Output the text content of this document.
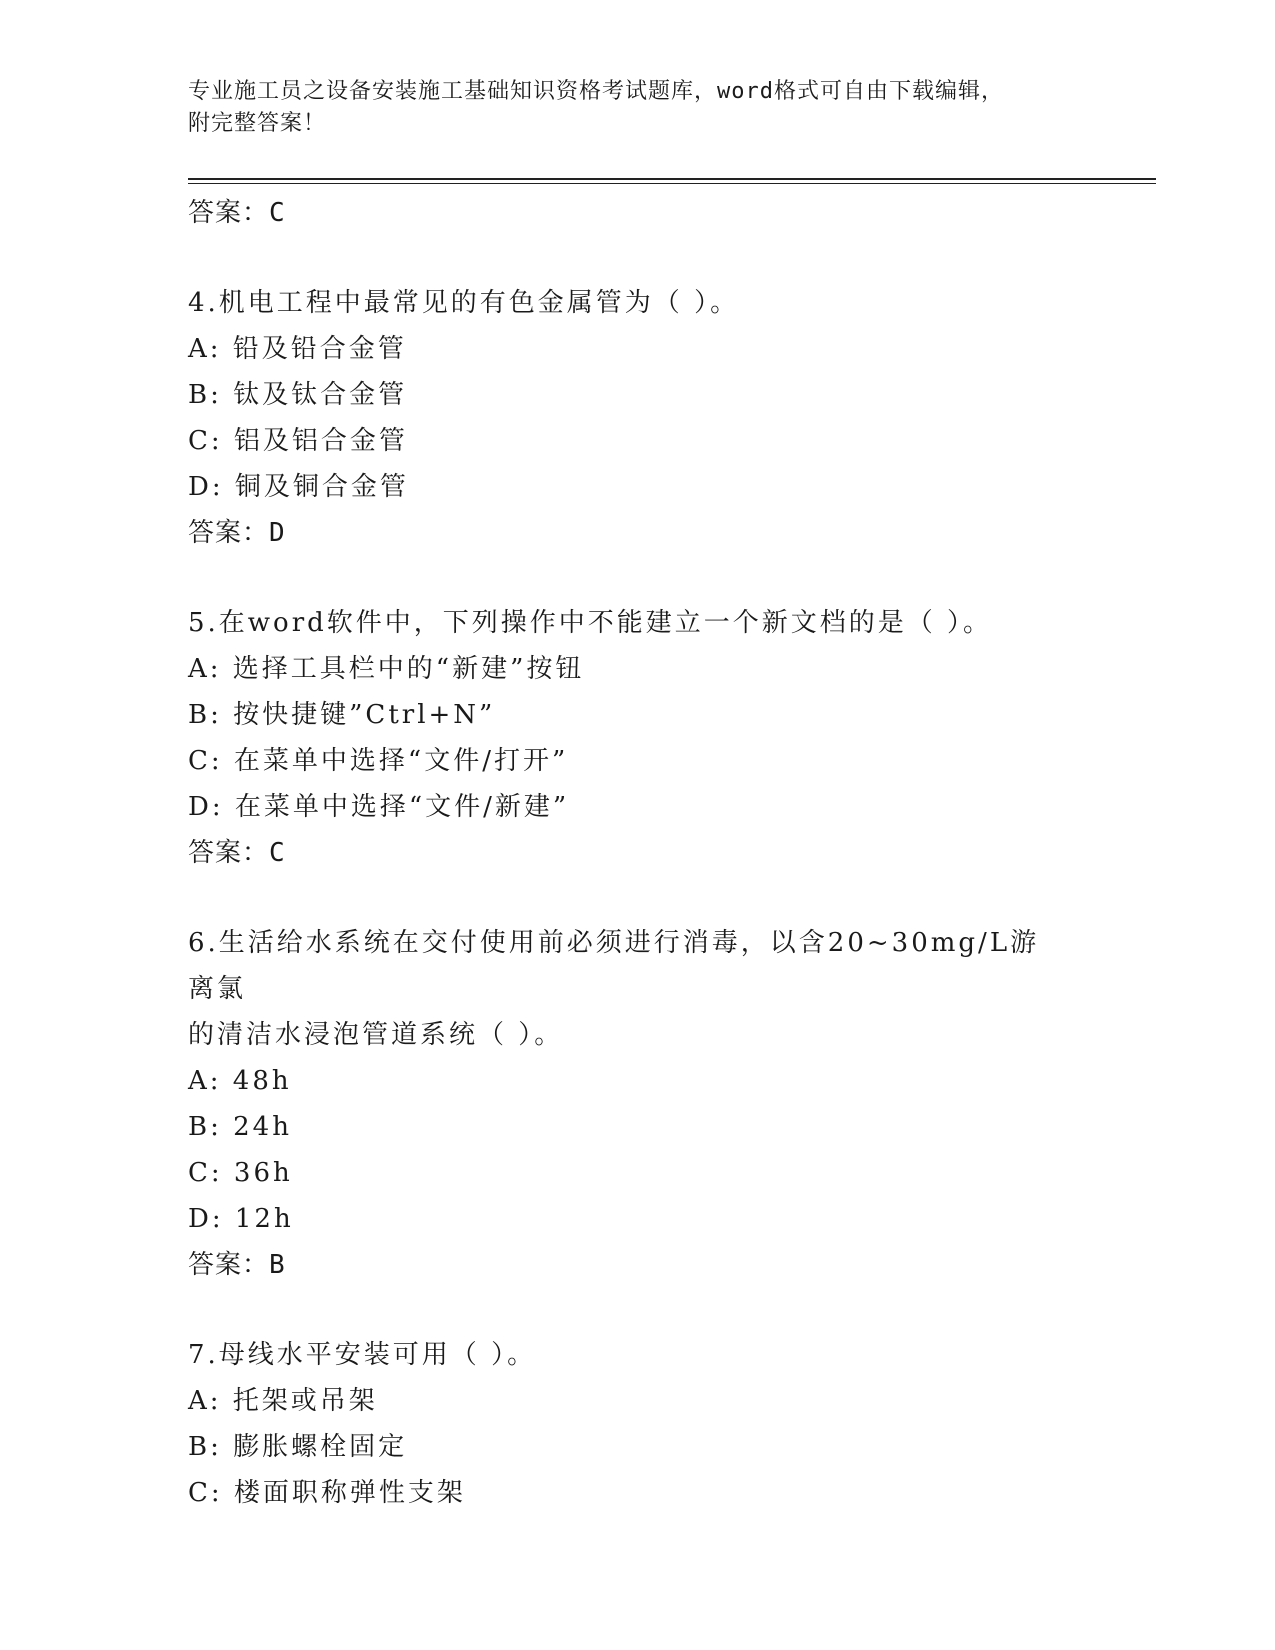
专业施工员之设备安装施工基础知识资格考试题库，word格式可自由下载编辑，
附完整答案！
答案：C
4.机电工程中最常见的有色金属管为（ ）。
A: 铅及铅合金管
B: 钛及钛合金管
C: 铝及铝合金管
D: 铜及铜合金管
答案：D
5.在word软件中，下列操作中不能建立一个新文档的是（ ）。
A: 选择工具栏中的“新建”按钮
B: 按快捷键”Ctrl+N”
C: 在菜单中选择“文件/打开”
D: 在菜单中选择“文件/新建”
答案：C
6.生活给水系统在交付使用前必须进行消毒，以含20~30mg/L游离氯
的清洁水浸泡管道系统（ ）。
A: 48h
B: 24h
C: 36h
D: 12h
答案：B
7.母线水平安装可用（ ）。
A: 托架或吊架
B: 膨胀螺栓固定
C: 楼面职称弹性支架
